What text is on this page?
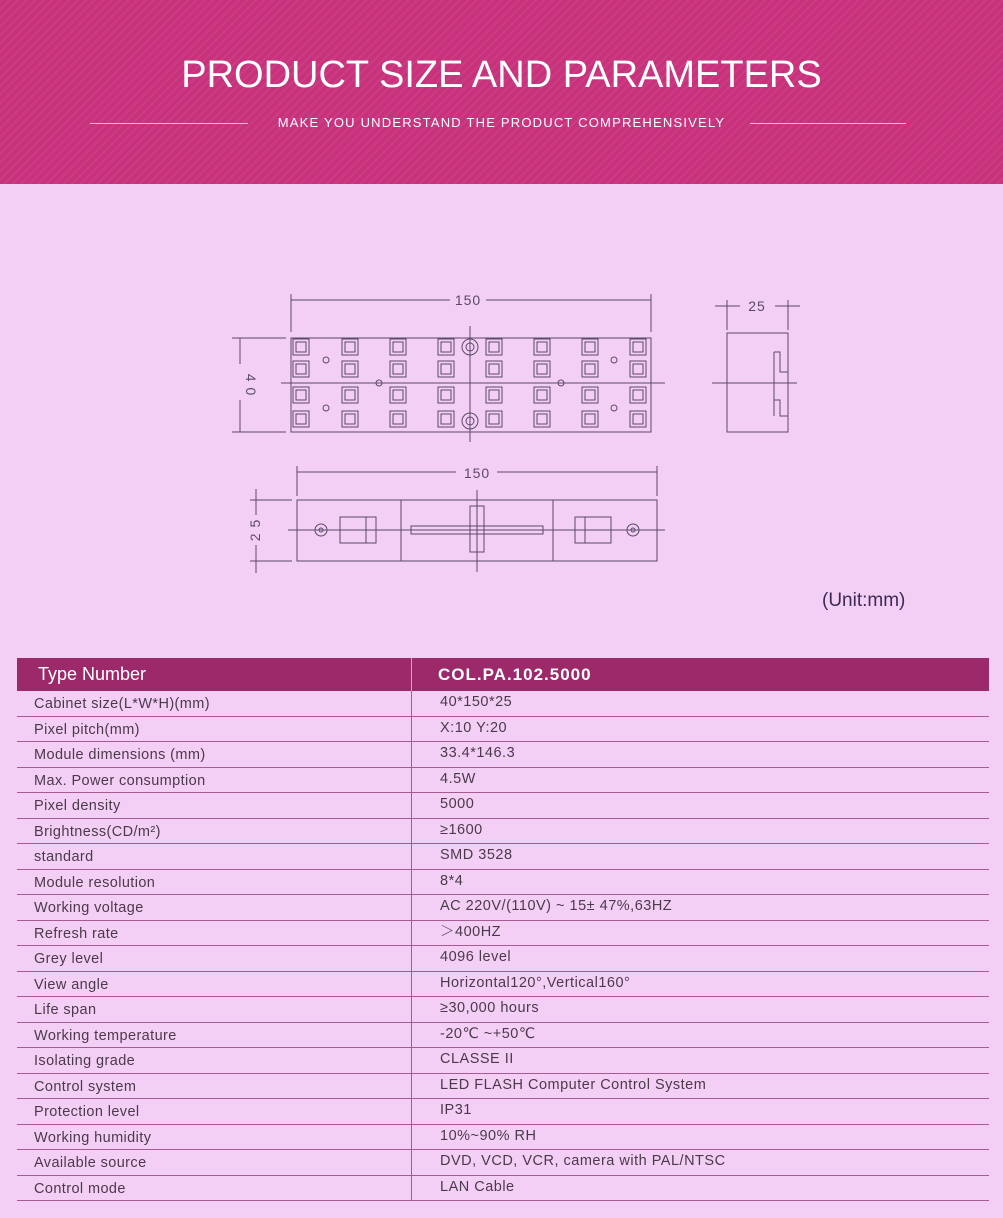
PRODUCT SIZE AND PARAMETERS
MAKE YOU UNDERSTAND THE PRODUCT COMPREHENSIVELY
150
4 0
25
150
2 5
(Unit:mm)
Type Number	COL.PA.102.5000
Cabinet size(L*W*H)(mm)	40*150*25
Pixel pitch(mm)	X:10 Y:20
Module dimensions (mm)	33.4*146.3
Max. Power consumption	4.5W
Pixel density	5000
Brightness(CD/m²)	≥1600
standard	SMD 3528
Module resolution	8*4
Working voltage	AC 220V/(110V) ~ 15± 47%,63HZ
Refresh rate	＞400HZ
Grey level	4096 level
View angle	Horizontal120°,Vertical160°
Life span	≥30,000 hours
Working temperature	-20℃ ~+50℃
Isolating grade	CLASSE II
Control system	LED FLASH Computer Control System
Protection level	IP31
Working humidity	10%~90% RH
Available source	DVD, VCD, VCR, camera with PAL/NTSC
Control mode	LAN Cable
